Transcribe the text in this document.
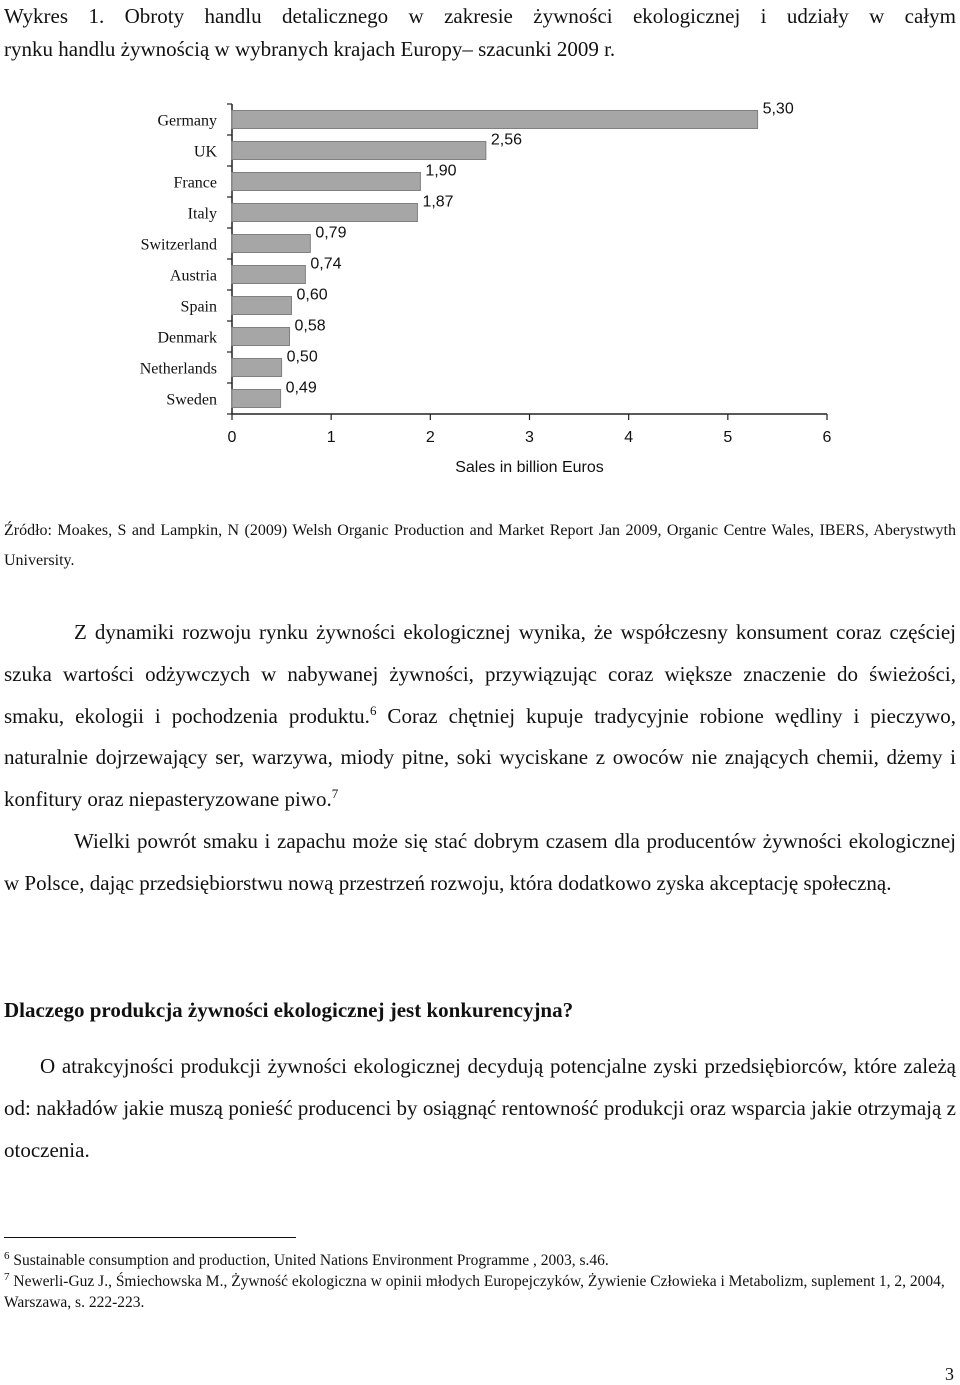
Wykres 1. Obroty handlu detalicznego w zakresie żywności ekologicznej i udziały w całym
rynku handlu żywnością w wybranych krajach Europy– szacunki 2009 r.
0	1	2	3	4	5	6
Sales in billion Euros
Germany
5,30
UK
2,56
France
1,90
Italy
1,87
Switzerland
0,79
Austria
0,74
Spain
0,60
Denmark
0,58
Netherlands
0,50
Sweden
0,49
Źródło: Moakes, S and Lampkin, N (2009) Welsh Organic Production and Market Report Jan 2009, Organic Centre Wales, IBERS, Aberystwyth University.
Z dynamiki rozwoju rynku żywności ekologicznej wynika, że współczesny konsument coraz częściej szuka wartości odżywczych w nabywanej żywności, przywiązując coraz większe znaczenie do świeżości, smaku, ekologii i pochodzenia produktu.$^6$ Coraz chętniej kupuje tradycyjnie robione wędliny i pieczywo, naturalnie dojrzewający ser, warzywa, miody pitne, soki wyciskane z owoców nie znających chemii, dżemy i konfitury oraz niepasteryzowane piwo.$^7$
Wielki powrót smaku i zapachu może się stać dobrym czasem dla producentów żywności ekologicznej w Polsce, dając przedsiębiorstwu nową przestrzeń rozwoju, która dodatkowo zyska akceptację społeczną.
Dlaczego produkcja żywności ekologicznej jest konkurencyjna?
O atrakcyjności produkcji żywności ekologicznej decydują potencjalne zyski przedsiębiorców, które zależą od: nakładów jakie muszą ponieść producenci by osiągnąć rentowność produkcji oraz wsparcia jakie otrzymają z otoczenia.

$^6$ Sustainable consumption and production, United Nations Environment Programme , 2003, s.46.

$^7$ Newerli-Guz J., Śmiechowska M., Żywność ekologiczna w opinii młodych Europejczyków, Żywienie Człowieka i Metabolizm, suplement 1, 2, 2004, Warszawa, s. 222-223.

3
